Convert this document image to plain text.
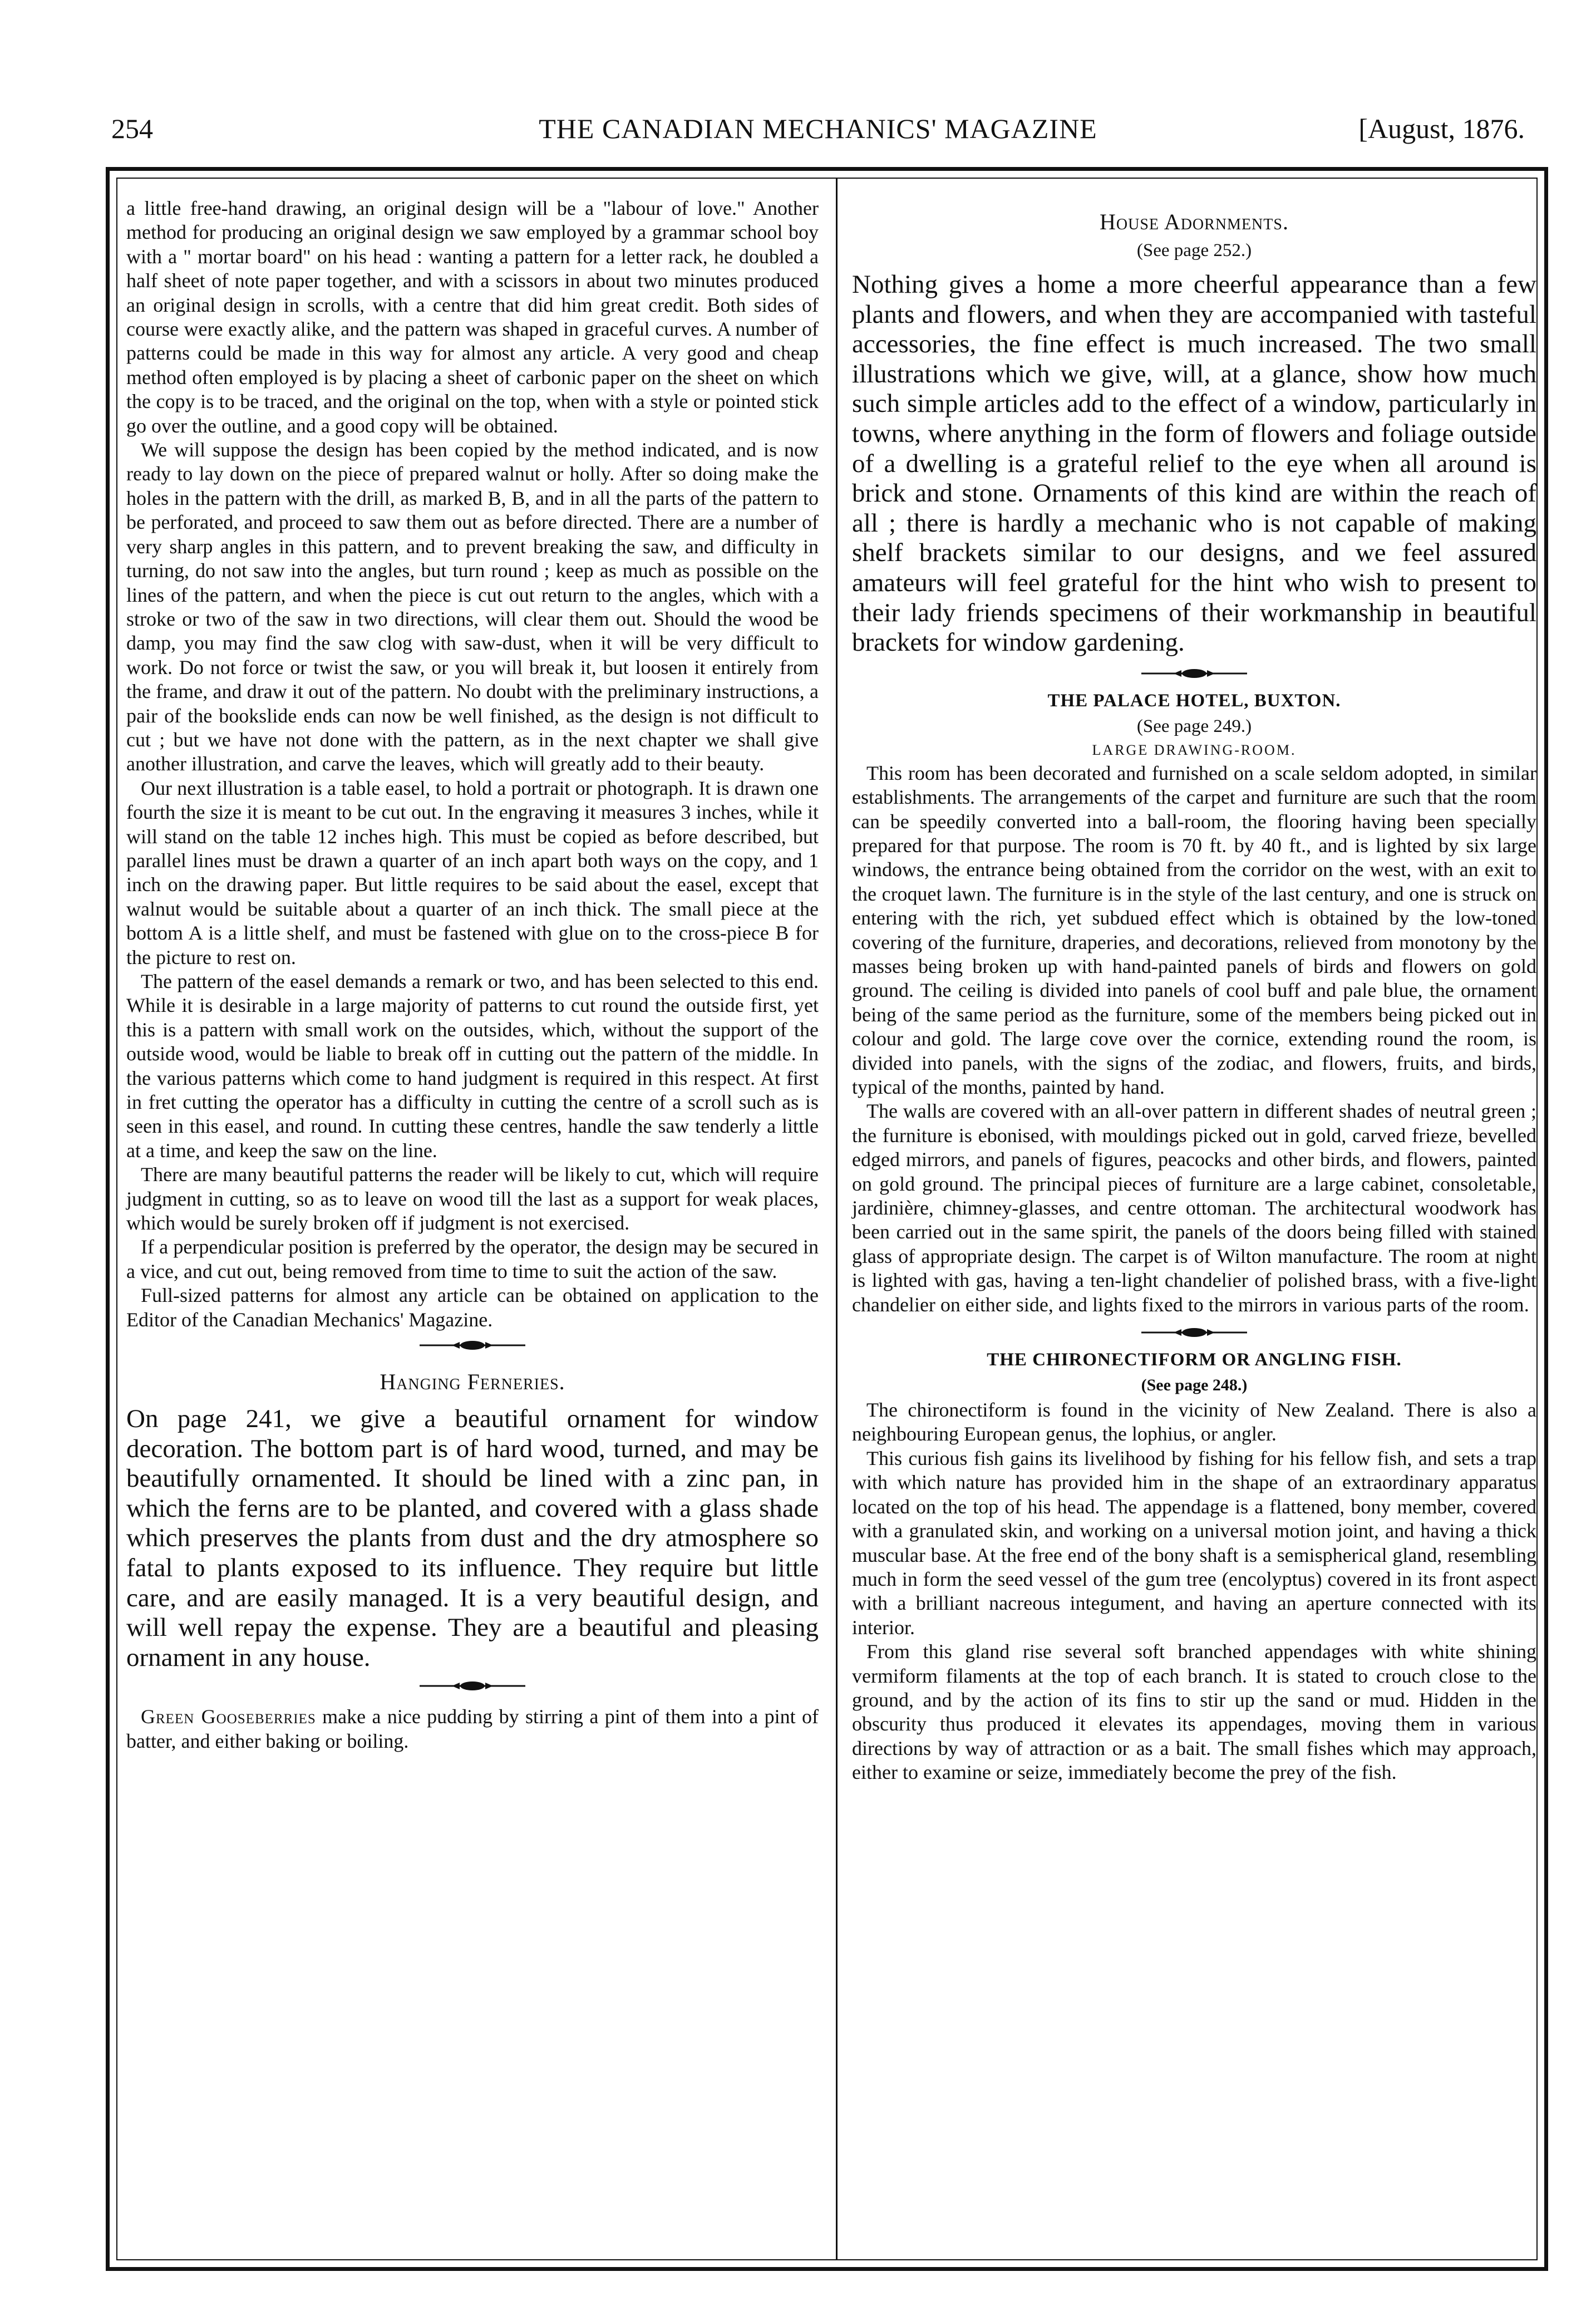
254	THE CANADIAN MECHANICS' MAGAZINE	[August, 1876.

a little free-hand drawing, an original design will be a "labour of love." Another method for producing an original design we saw employed by a grammar school boy with a " mortar board" on his head : wanting a pattern for a letter rack, he doubled a half sheet of note paper together, and with a scissors in about two minutes produced an original design in scrolls, with a centre that did him great credit. Both sides of course were exactly alike, and the pattern was shaped in graceful curves. A number of patterns could be made in this way for almost any article. A very good and cheap method often employed is by placing a sheet of carbonic paper on the sheet on which the copy is to be traced, and the original on the top, when with a style or pointed stick go over the outline, and a good copy will be obtained.

We will suppose the design has been copied by the method indicated, and is now ready to lay down on the piece of prepared walnut or holly. After so doing make the holes in the pattern with the drill, as marked B, B, and in all the parts of the pattern to be perforated, and proceed to saw them out as before directed. There are a number of very sharp angles in this pattern, and to prevent breaking the saw, and difficulty in turning, do not saw into the angles, but turn round ; keep as much as possible on the lines of the pattern, and when the piece is cut out return to the angles, which with a stroke or two of the saw in two directions, will clear them out. Should the wood be damp, you may find the saw clog with saw-dust, when it will be very difficult to work. Do not force or twist the saw, or you will break it, but loosen it entirely from the frame, and draw it out of the pattern. No doubt with the preliminary instructions, a pair of the bookslide ends can now be well finished, as the design is not difficult to cut ; but we have not done with the pattern, as in the next chapter we shall give another illustration, and carve the leaves, which will greatly add to their beauty.

Our next illustration is a table easel, to hold a portrait or photograph. It is drawn one fourth the size it is meant to be cut out. In the engraving it measures 3 inches, while it will stand on the table 12 inches high. This must be copied as before described, but parallel lines must be drawn a quarter of an inch apart both ways on the copy, and 1 inch on the drawing paper. But little requires to be said about the easel, except that walnut would be suitable about a quarter of an inch thick. The small piece at the bottom A is a little shelf, and must be fastened with glue on to the cross-piece B for the picture to rest on.

The pattern of the easel demands a remark or two, and has been selected to this end. While it is desirable in a large majority of patterns to cut round the outside first, yet this is a pattern with small work on the outsides, which, without the support of the outside wood, would be liable to break off in cutting out the pattern of the middle. In the various patterns which come to hand judgment is required in this respect. At first in fret cutting the operator has a difficulty in cutting the centre of a scroll such as is seen in this easel, and round. In cutting these centres, handle the saw tenderly a little at a time, and keep the saw on the line.

There are many beautiful patterns the reader will be likely to cut, which will require judgment in cutting, so as to leave on wood till the last as a support for weak places, which would be surely broken off if judgment is not exercised.

If a perpendicular position is preferred by the operator, the design may be secured in a vice, and cut out, being removed from time to time to suit the action of the saw.

Full-sized patterns for almost any article can be obtained on application to the Editor of the Canadian Mechanics' Magazine.

Hanging Ferneries.

On page 241, we give a beautiful ornament for window decoration. The bottom part is of hard wood, turned, and may be beautifully ornamented. It should be lined with a zinc pan, in which the ferns are to be planted, and covered with a glass shade which preserves the plants from dust and the dry atmosphere so fatal to plants exposed to its influence. They require but little care, and are easily managed. It is a very beautiful design, and will well repay the expense. They are a beautiful and pleasing ornament in any house.

Green Gooseberries make a nice pudding by stirring a pint of them into a pint of batter, and either baking or boiling.

House Adornments.
(See page 252.)

Nothing gives a home a more cheerful appearance than a few plants and flowers, and when they are accompanied with tasteful accessories, the fine effect is much increased. The two small illustrations which we give, will, at a glance, show how much such simple articles add to the effect of a window, particularly in towns, where anything in the form of flowers and foliage outside of a dwelling is a grateful relief to the eye when all around is brick and stone. Ornaments of this kind are within the reach of all ; there is hardly a mechanic who is not capable of making shelf brackets similar to our designs, and we feel assured amateurs will feel grateful for the hint who wish to present to their lady friends specimens of their workmanship in beautiful brackets for window gardening.

THE PALACE HOTEL, BUXTON.
(See page 249.)
LARGE DRAWING-ROOM.

This room has been decorated and furnished on a scale seldom adopted, in similar establishments. The arrangements of the carpet and furniture are such that the room can be speedily converted into a ball-room, the flooring having been specially prepared for that purpose. The room is 70 ft. by 40 ft., and is lighted by six large windows, the entrance being obtained from the corridor on the west, with an exit to the croquet lawn. The furniture is in the style of the last century, and one is struck on entering with the rich, yet subdued effect which is obtained by the low-toned covering of the furniture, draperies, and decorations, relieved from monotony by the masses being broken up with hand-painted panels of birds and flowers on gold ground. The ceiling is divided into panels of cool buff and pale blue, the ornament being of the same period as the furniture, some of the members being picked out in colour and gold. The large cove over the cornice, extending round the room, is divided into panels, with the signs of the zodiac, and flowers, fruits, and birds, typical of the months, painted by hand.

The walls are covered with an all-over pattern in different shades of neutral green ; the furniture is ebonised, with mouldings picked out in gold, carved frieze, bevelled edged mirrors, and panels of figures, peacocks and other birds, and flowers, painted on gold ground. The principal pieces of furniture are a large cabinet, consoletable, jardinière, chimney-glasses, and centre ottoman. The architectural woodwork has been carried out in the same spirit, the panels of the doors being filled with stained glass of appropriate design. The carpet is of Wilton manufacture. The room at night is lighted with gas, having a ten-light chandelier of polished brass, with a five-light chandelier on either side, and lights fixed to the mirrors in various parts of the room.

THE CHIRONECTIFORM OR ANGLING FISH.
(See page 248.)

The chironectiform is found in the vicinity of New Zealand. There is also a neighbouring European genus, the lophius, or angler.

This curious fish gains its livelihood by fishing for his fellow fish, and sets a trap with which nature has provided him in the shape of an extraordinary apparatus located on the top of his head. The appendage is a flattened, bony member, covered with a granulated skin, and working on a universal motion joint, and having a thick muscular base. At the free end of the bony shaft is a semispherical gland, resembling much in form the seed vessel of the gum tree (encolyptus) covered in its front aspect with a brilliant nacreous integument, and having an aperture connected with its interior.

From this gland rise several soft branched appendages with white shining vermiform filaments at the top of each branch. It is stated to crouch close to the ground, and by the action of its fins to stir up the sand or mud. Hidden in the obscurity thus produced it elevates its appendages, moving them in various directions by way of attraction or as a bait. The small fishes which may approach, either to examine or seize, immediately become the prey of the fish.
